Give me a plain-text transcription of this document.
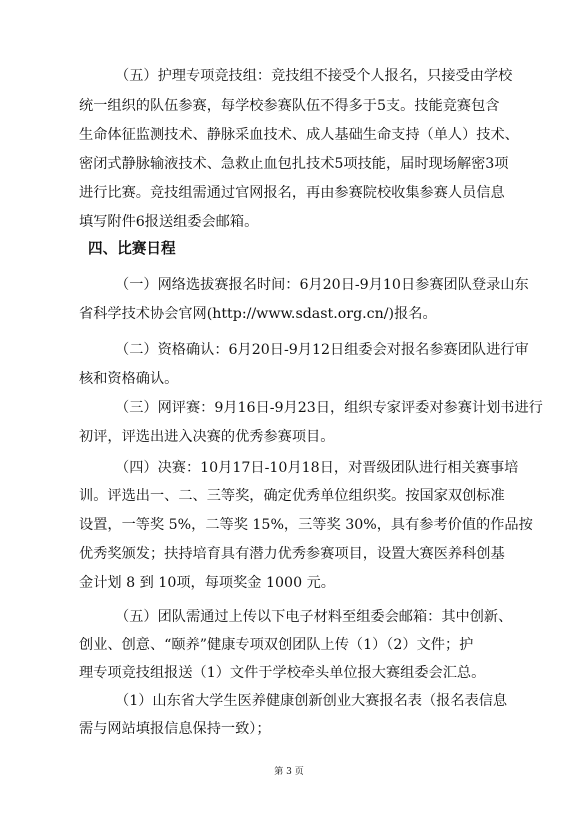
（五）护理专项竞技组：竞技组不接受个人报名，只接受由学校
统一组织的队伍参赛，每学校参赛队伍不得多于5支。技能竞赛包含
生命体征监测技术、静脉采血技术、成人基础生命支持（单人）技术、
密闭式静脉输液技术、急救止血包扎技术5项技能，届时现场解密3项
进行比赛。竞技组需通过官网报名，再由参赛院校收集参赛人员信息
填写附件6报送组委会邮箱。
四、比赛日程
（一）网络选拔赛报名时间：6月20日-9月10日参赛团队登录山东
省科学技术协会官网(http://www.sdast.org.cn/)报名。
（二）资格确认：6月20日-9月12日组委会对报名参赛团队进行审
核和资格确认。
（三）网评赛：9月16日-9月23日，组织专家评委对参赛计划书进行
初评，评选出进入决赛的优秀参赛项目。
（四）决赛：10月17日-10月18日，对晋级团队进行相关赛事培
训。评选出一、二、三等奖，确定优秀单位组织奖。按国家双创标准
设置，一等奖 5%，二等奖 15%，三等奖 30%，具有参考价值的作品按
优秀奖颁发；扶持培育具有潜力优秀参赛项目，设置大赛医养科创基
金计划 8 到 10项，每项奖金 1000 元。
（五）团队需通过上传以下电子材料至组委会邮箱：其中创新、
创业、创意、“颐养”健康专项双创团队上传（1）（2）文件；护
理专项竞技组报送（1）文件于学校牵头单位报大赛组委会汇总。
（1）山东省大学生医养健康创新创业大赛报名表（报名表信息
需与网站填报信息保持一致）；
第 3 页
